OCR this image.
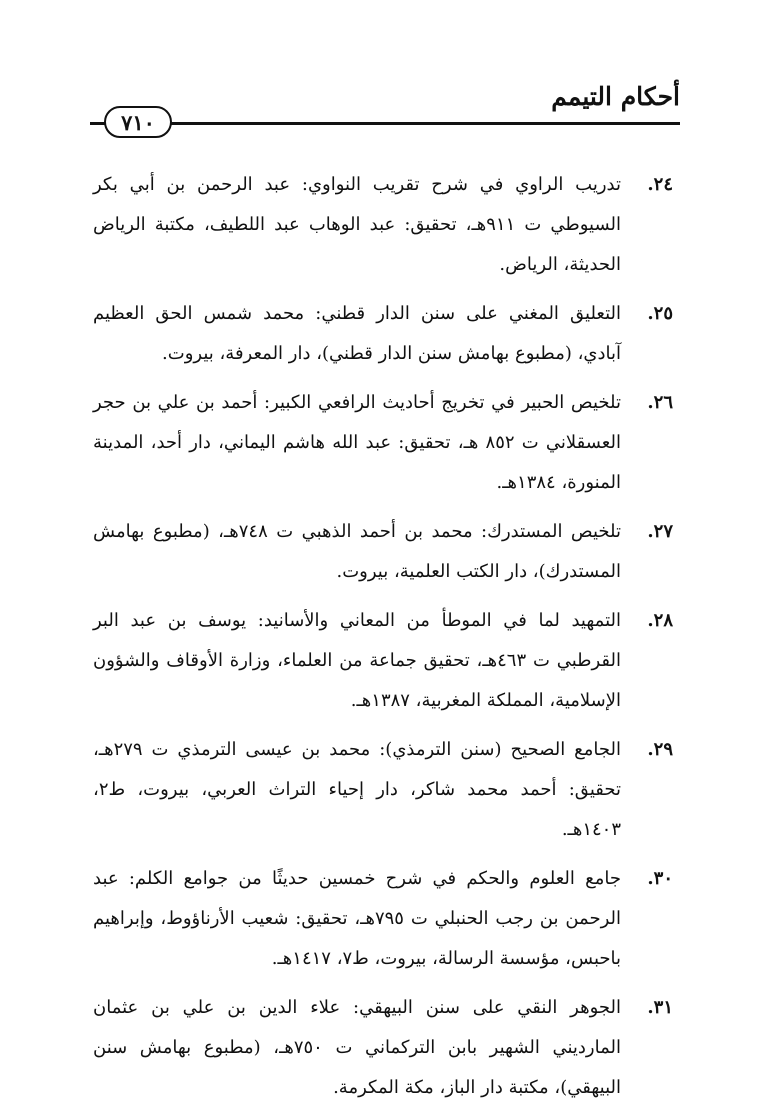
أحكام التيمم
٧١٠
٢٤.
تدريب الراوي في شرح تقريب النواوي: عبد الرحمن بن أبي بكر السيوطي ت ٩١١هـ، تحقيق: عبد الوهاب عبد اللطيف، مكتبة الرياض الحديثة، الرياض.
٢٥.
التعليق المغني على سنن الدار قطني: محمد شمس الحق العظيم آبادي، (مطبوع بهامش سنن الدار قطني)، دار المعرفة، بيروت.
٢٦.
تلخيص الحبير في تخريج أحاديث الرافعي الكبير: أحمد بن علي بن حجر العسقلاني ت ٨٥٢ هـ، تحقيق: عبد الله هاشم اليماني، دار أحد، المدينة المنورة، ١٣٨٤هـ.
٢٧.
تلخيص المستدرك: محمد بن أحمد الذهبي ت ٧٤٨هـ، (مطبوع بهامش المستدرك)، دار الكتب العلمية، بيروت.
٢٨.
التمهيد لما في الموطأ من المعاني والأسانيد: يوسف بن عبد البر القرطبي ت ٤٦٣هـ، تحقيق جماعة من العلماء، وزارة الأوقاف والشؤون الإسلامية، المملكة المغربية، ١٣٨٧هـ.
٢٩.
الجامع الصحيح (سنن الترمذي): محمد بن عيسى الترمذي ت ٢٧٩هـ، تحقيق: أحمد محمد شاكر، دار إحياء التراث العربي، بيروت، ط٢، ١٤٠٣هـ.
٣٠.
جامع العلوم والحكم في شرح خمسين حديثًا من جوامع الكلم: عبد الرحمن بن رجب الحنبلي ت ٧٩٥هـ، تحقيق: شعيب الأرناؤوط، وإبراهيم باحبس، مؤسسة الرسالة، بيروت، ط٧، ١٤١٧هـ.
٣١.
الجوهر النقي على سنن البيهقي: علاء الدين بن علي بن عثمان المارديني الشهير بابن التركماني ت ٧٥٠هـ، (مطبوع بهامش سنن البيهقي)، مكتبة دار الباز، مكة المكرمة.
